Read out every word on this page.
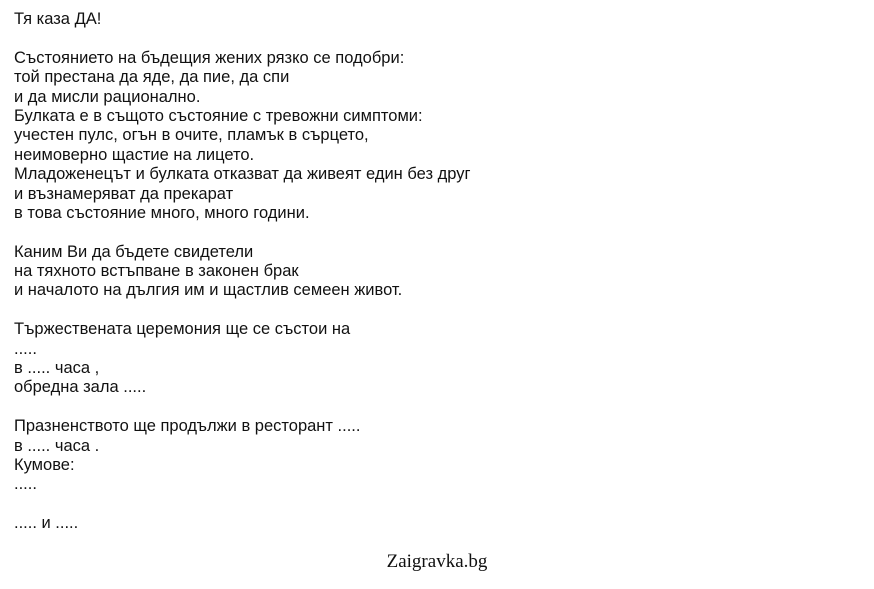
Тя каза ДА!
Състоянието на бъдещия жених рязко се подобри:
той престана да яде, да пие, да спи
и да мисли рационално.
Булката е в същото състояние с тревожни симптоми:
учестен пулс, огън в очите, пламък в сърцето,
неимоверно щастие на лицето.
Младоженецът и булката отказват да живеят един без друг
и възнамеряват да прекарат
в това състояние много, много години.
Каним Ви да бъдете свидетели
на тяхното встъпване в законен брак
и началото на дългия им и щастлив семеен живот.
Тържествената церемония ще се състои на
.....
в ..... часа ,
обредна зала .....
Празненството ще продължи в ресторант .....
в ..... часа .
Кумове:
.....
..... и .....
Zaigravka.bg
